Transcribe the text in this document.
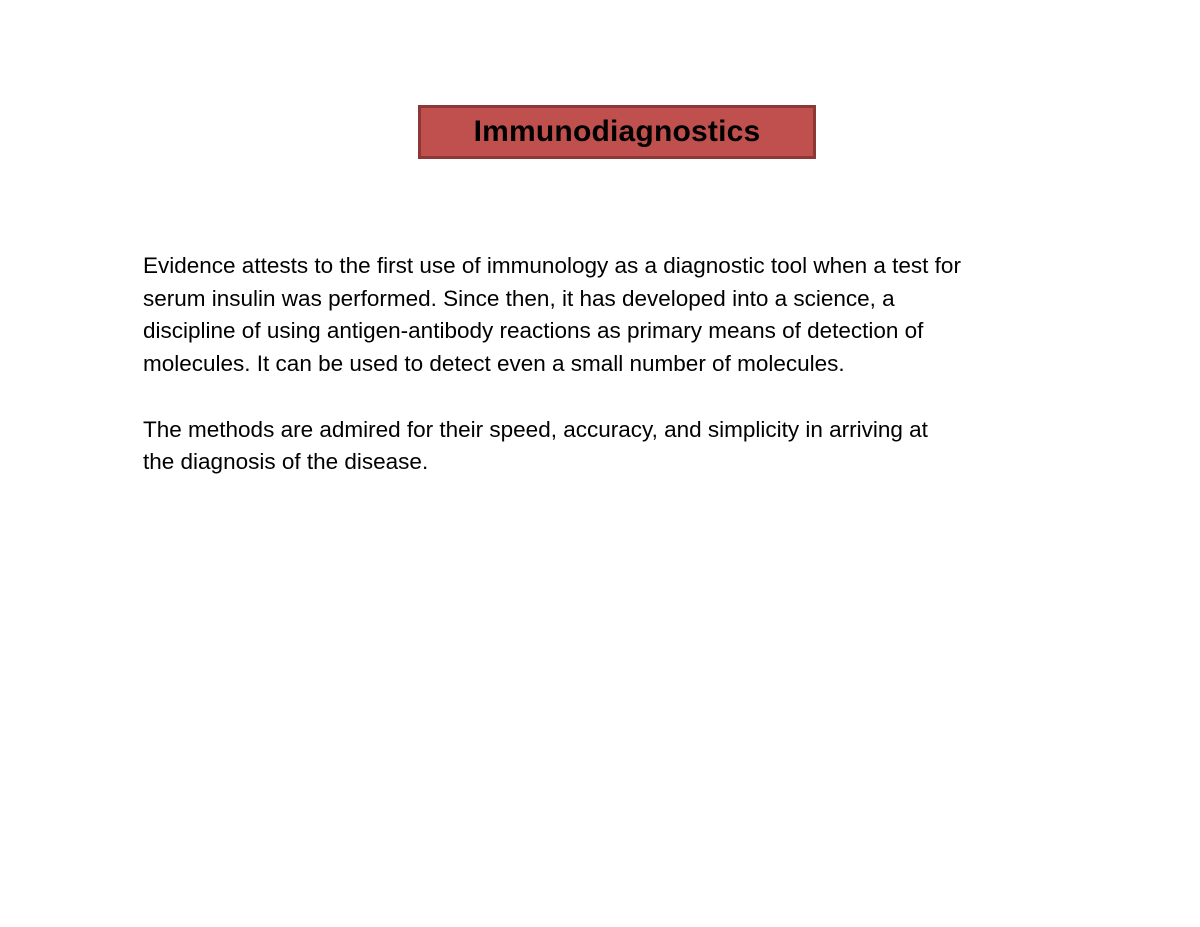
Immunodiagnostics

Evidence attests to the first use of immunology as a diagnostic tool when a test for
serum insulin was performed. Since then, it has developed into a science, a
discipline of using antigen-antibody reactions as primary means of detection of
molecules. It can be used to detect even a small number of molecules.

The methods are admired for their speed, accuracy, and simplicity in arriving at
the diagnosis of the disease.
